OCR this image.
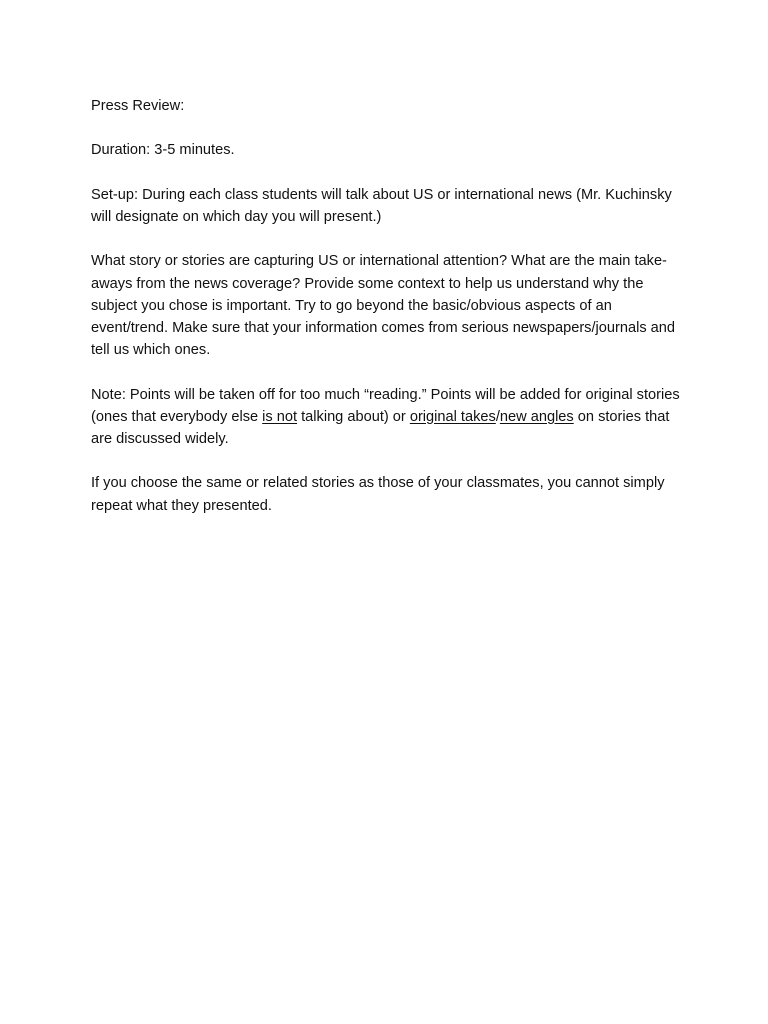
Press Review:

Duration: 3-5 minutes.

Set-up: During each class students will talk about US or international news (Mr. Kuchinsky will designate on which day you will present.)

What story or stories are capturing US or international attention? What are the main take-aways from the news coverage? Provide some context to help us understand why the subject you chose is important. Try to go beyond the basic/obvious aspects of an event/trend. Make sure that your information comes from serious newspapers/journals and tell us which ones.

Note: Points will be taken off for too much “reading.” Points will be added for original stories (ones that everybody else is not talking about) or original takes/new angles on stories that are discussed widely.

If you choose the same or related stories as those of your classmates, you cannot simply repeat what they presented.
